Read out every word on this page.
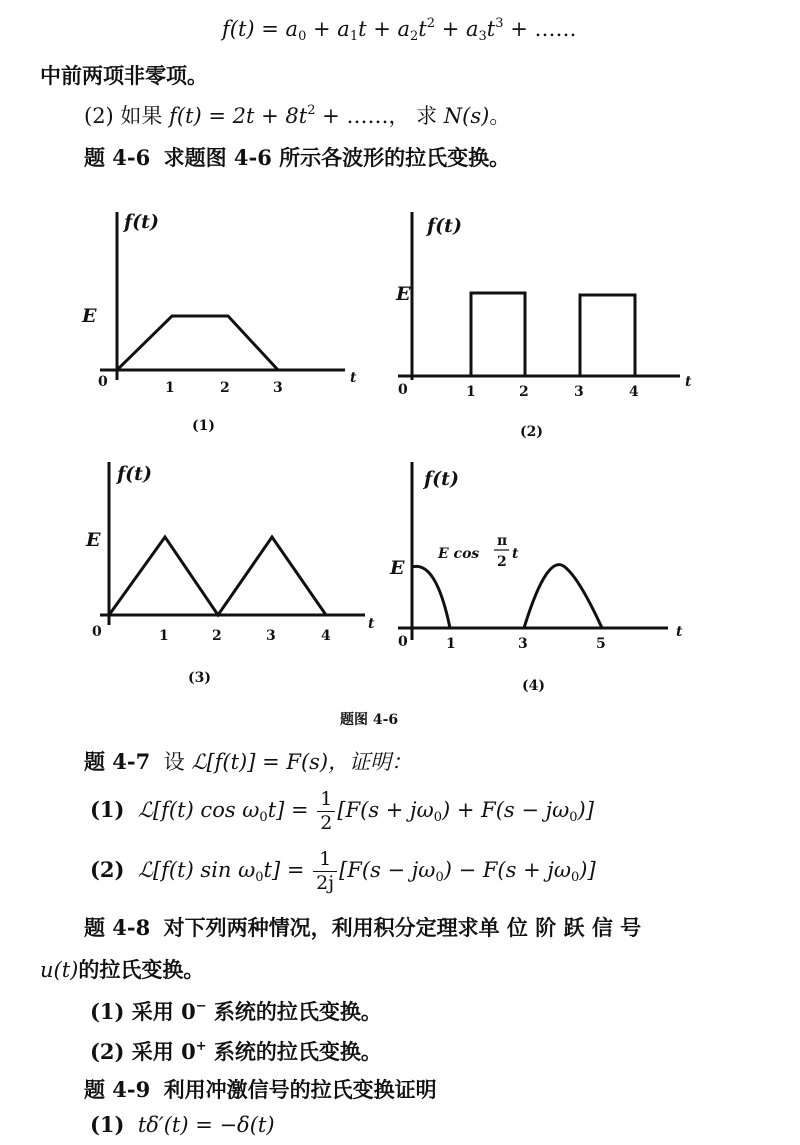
$f(t) = a_0 + a_1t + a_2t^2 + a_3t^3$ + ……
中前两项非零项。
(2) 如果 $f(t) = 2t + 8t^2$ + ……， 求 N(s)。
题 4-6 求题图 4-6 所示各波形的拉氏变换。
f(t)
E
0	1	2	3
t
(1)
f(t)
E
0	1	2	3	4
t
(2)
f(t)
E
0	1	2	3	4
t
(3)
f(t)
E
E cos
π
2 t
0	1	3	5
t
(4)
题图 4-6
题 4-7 设 ℒ[f(t)] = F(s)，证明：
(1) ℒ[f(t) $\cos \omega_0t] = \frac{1}{2} [F(s + j\omega_0) + F(s - j\omega_0)]$
(2) ℒ[f(t) $\sin \omega_0t] = \frac{1}{2j} [F(s - j\omega_0) - F(s + j\omega_0)]$
题 4-8 对下列两种情况，利用积分定理求单 位 阶 跃 信 号
u(t)的拉氏变换。
(1) 采用 0− 系统的拉氏变换。
(2) 采用 0+ 系统的拉氏变换。
题 4-9 利用冲激信号的拉氏变换证明
(1) tδ′(t) = −δ(t)
